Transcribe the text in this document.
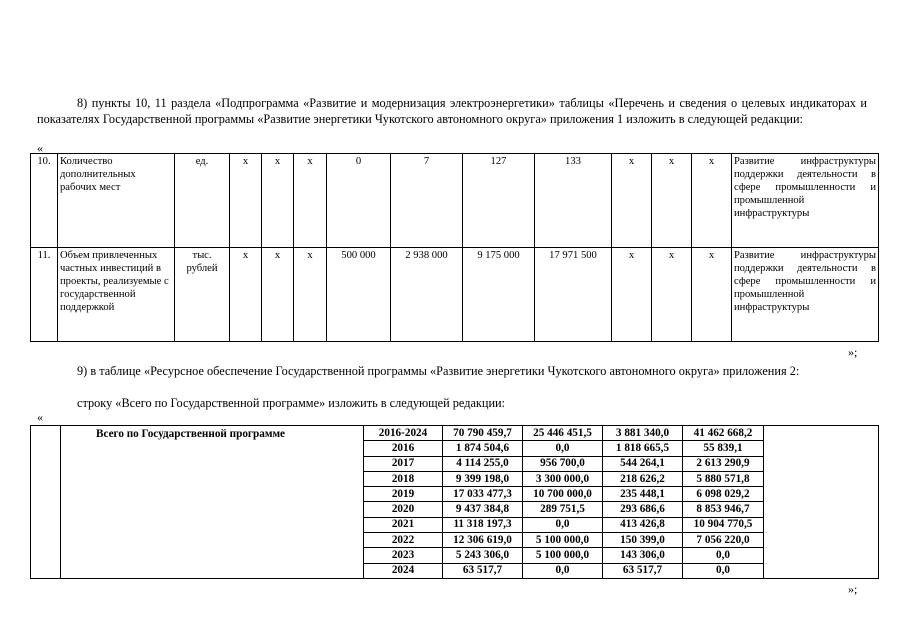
8) пункты 10, 11 раздела «Подпрограмма «Развитие и модернизация электроэнергетики» таблицы «Перечень и сведения о целевых индикаторах и показателях Государственной программы «Развитие энергетики Чукотского автономного округа» приложения 1 изложить в следующей редакции:
«
10.	Количество дополнительных рабочих мест	ед.	х	х	х	0	7	127	133	х	х	х	Развитие инфраструктуры поддержки деятельности в сфере промышленности и промышленной инфраструктуры
11.	Объем привлеченных частных инвестиций в проекты, реализуемые с государственной поддержкой	тыс. рублей	х	х	х	500 000	2 938 000	9 175 000	17 971 500	х	х	х	Развитие инфраструктуры поддержки деятельности в сфере промышленности и промышленной инфраструктуры
»;
9) в таблице «Ресурсное обеспечение Государственной программы «Развитие энергетики Чукотского автономного округа» приложения 2:
строку «Всего по Государственной программе» изложить в следующей редакции:
«
	Всего по Государственной программе	2016-2024	70 790 459,7	25 446 451,5	3 881 340,0	41 462 668,2	
		2016	1 874 504,6	0,0	1 818 665,5	55 839,1	
		2017	4 114 255,0	956 700,0	544 264,1	2 613 290,9	
		2018	9 399 198,0	3 300 000,0	218 626,2	5 880 571,8	
		2019	17 033 477,3	10 700 000,0	235 448,1	6 098 029,2	
		2020	9 437 384,8	289 751,5	293 686,6	8 853 946,7	
		2021	11 318 197,3	0,0	413 426,8	10 904 770,5	
		2022	12 306 619,0	5 100 000,0	150 399,0	7 056 220,0	
		2023	5 243 306,0	5 100 000,0	143 306,0	0,0	
		2024	63 517,7	0,0	63 517,7	0,0	
»;
